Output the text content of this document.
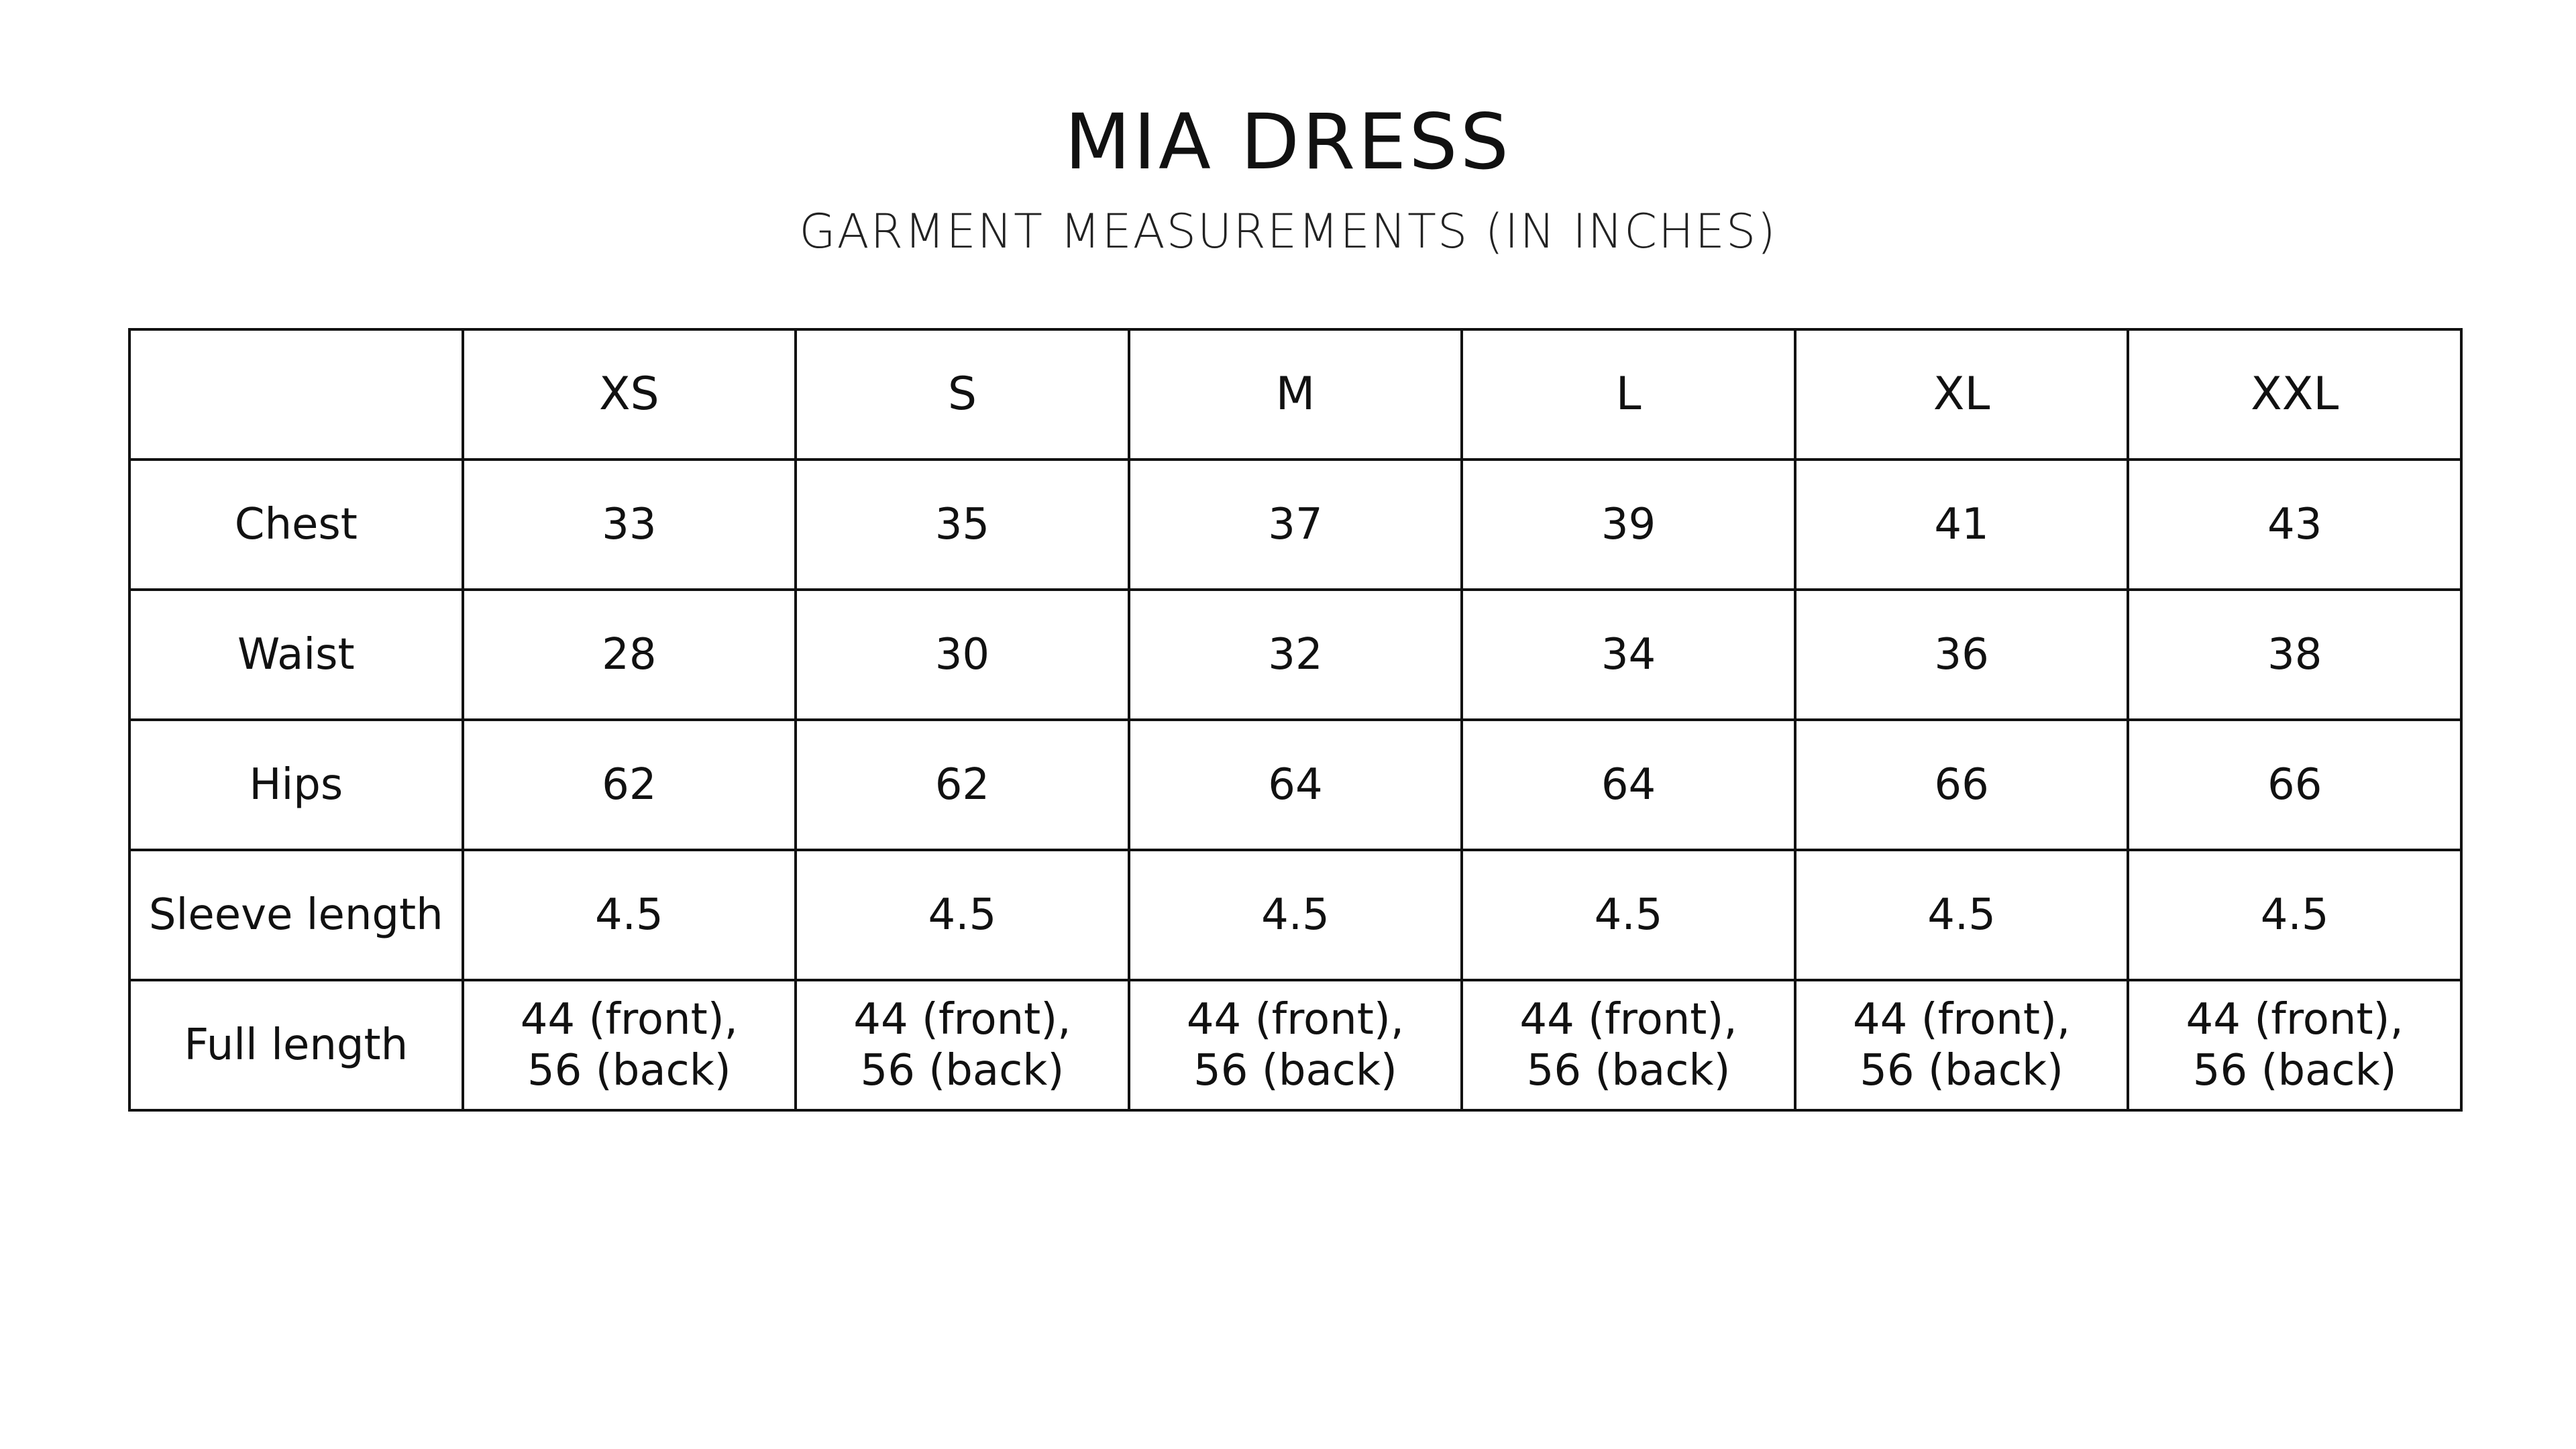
MIA DRESS
GARMENT MEASUREMENTS (IN INCHES)
	XS	S	M	L	XL	XXL
Chest	33	35	37	39	41	43
Waist	28	30	32	34	36	38
Hips	62	62	64	64	66	66
Sleeve length	4.5	4.5	4.5	4.5	4.5	4.5
Full length	44 (front),
56 (back)	44 (front),
56 (back)	44 (front),
56 (back)	44 (front),
56 (back)	44 (front),
56 (back)	44 (front),
56 (back)
